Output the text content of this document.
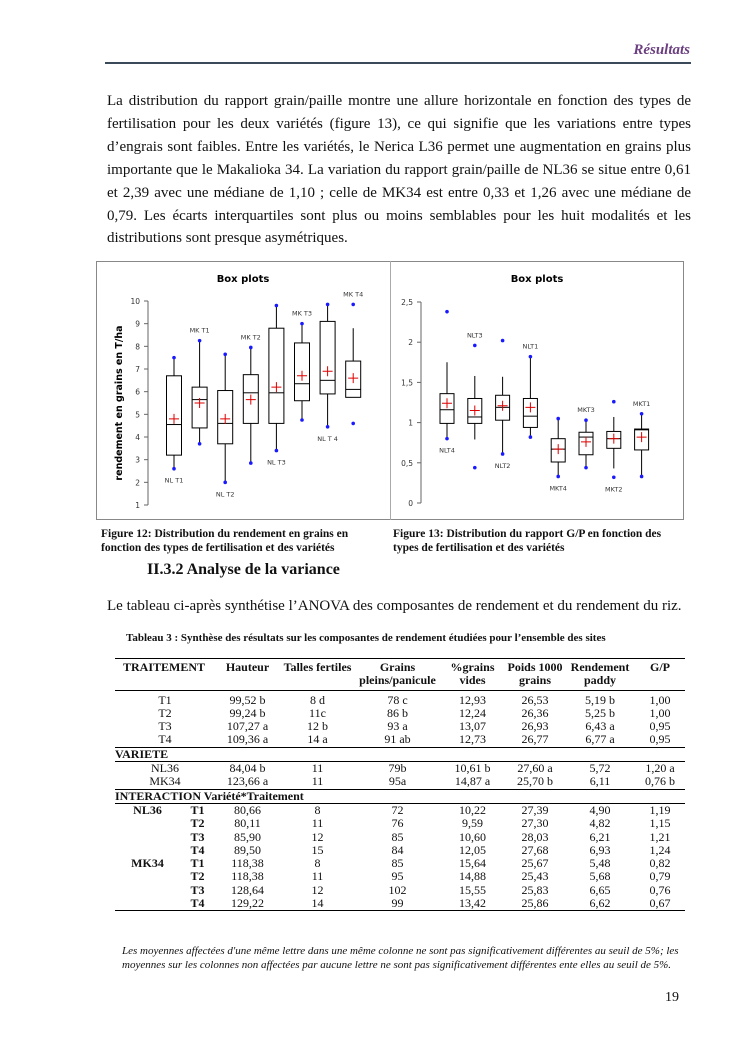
Résultats

La distribution du rapport grain/paille montre une allure horizontale en fonction des types de fertilisation pour les deux variétés (figure 13), ce qui signifie que les variations entre types d’engrais sont faibles. Entre les variétés, le Nerica L36 permet une augmentation en grains plus importante que le Makalioka 34. La variation du rapport grain/paille de NL36 se situe entre 0,61 et 2,39 avec une médiane de 1,10 ; celle de MK34 est entre 0,33 et 1,26 avec une médiane de 0,79. Les écarts interquartiles sont plus ou moins semblables pour les huit modalités et les distributions sont presque asymétriques.

Box plots
rendement en grains en T/ha
1
2
3
4
5
6
7
8
9
10
NL T1
MK T1
NL T2
MK T2
NL T3
MK T3
NL T 4
MK T4
Box plots
0
0,5
1
1,5
2
2,5
NLT4
NLT3
NLT2
NLT1
MKT4
MKT3
MKT2
MKT1
Figure 12: Distribution du rendement en grains en fonction des types de fertilisation et des variétés
Figure 13: Distribution du rapport G/P en fonction des types de fertilisation et des variétés
II.3.2 Analyse de la variance
Le tableau ci-après synthétise l’ANOVA des composantes de rendement et du rendement du riz.
Tableau 3 : Synthèse des résultats sur les composantes de rendement étudiées pour l’ensemble des sites
TRAITEMENT		Hauteur	Talles fertiles	Grains pleins/panicule	%grains vides	Poids 1000 grains	Rendement paddy	G/P
T1		99,52 b	8 d	78 c	12,93	26,53	5,19 b	1,00
T2		99,24 b	11c	86 b	12,24	26,36	5,25 b	1,00
T3		107,27 a	12 b	93 a	13,07	26,93	6,43 a	0,95
T4		109,36 a	14 a	91 ab	12,73	26,77	6,77 a	0,95
VARIETE								
NL36		84,04 b	11	79b	10,61 b	27,60 a	5,72	1,20 a
MK34		123,66 a	11	95a	14,87 a	25,70 b	6,11	0,76 b
INTERACTION Variété*Traitement								
NL36	T1	80,66	8	72	10,22	27,39	4,90	1,19
	T2	80,11	11	76	9,59	27,30	4,82	1,15
	T3	85,90	12	85	10,60	28,03	6,21	1,21
	T4	89,50	15	84	12,05	27,68	6,93	1,24
MK34	T1	118,38	8	85	15,64	25,67	5,48	0,82
	T2	118,38	11	95	14,88	25,43	5,68	0,79
	T3	128,64	12	102	15,55	25,83	6,65	0,76
	T4	129,22	14	99	13,42	25,86	6,62	0,67
Les moyennes affectées d'une même lettre dans une même colonne ne sont pas significativement différentes au seuil de 5%; les moyennes sur les colonnes non affectées par aucune lettre ne sont pas significativement différentes ente elles au seuil de 5%.
19
